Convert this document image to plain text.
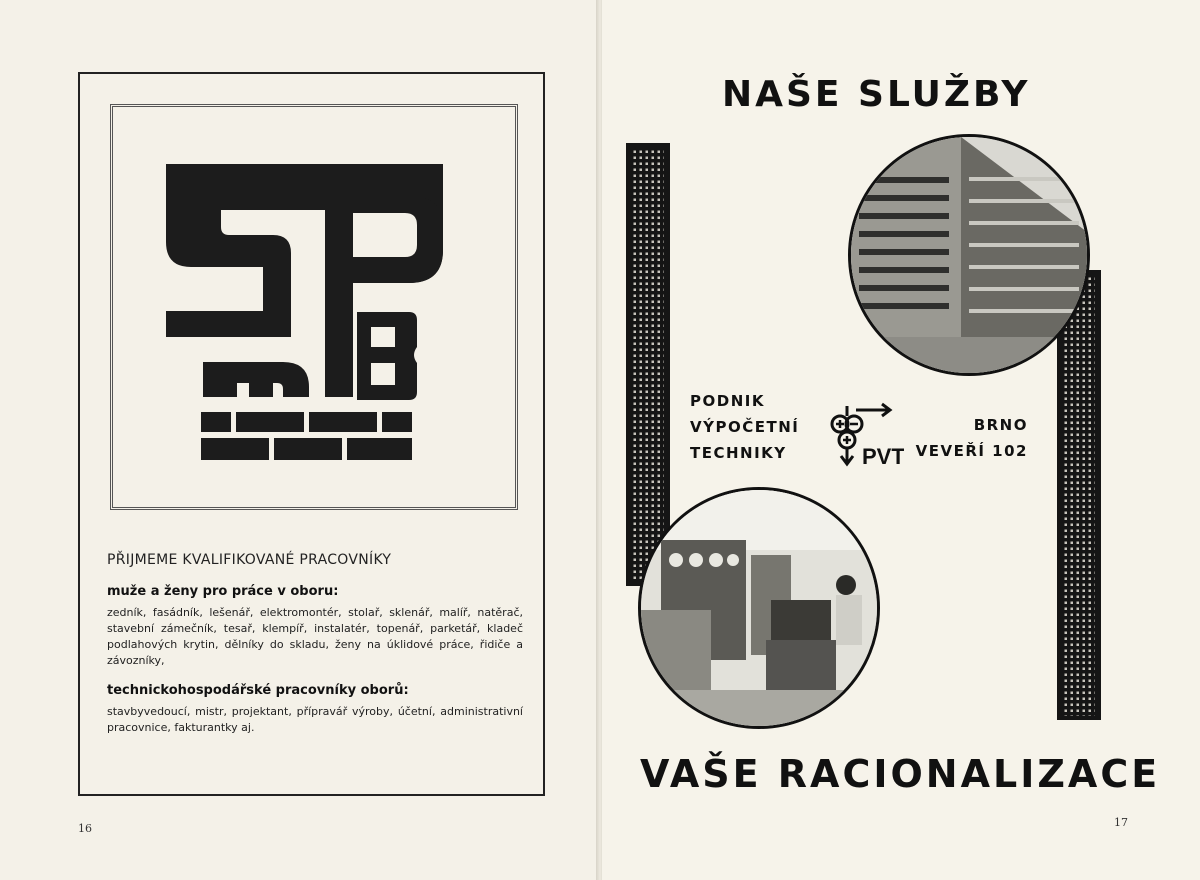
PŘIJMEME KVALIFIKOVANÉ PRACOVNÍKY

muže a ženy pro práce v oboru:

zedník, fasádník, lešenář, elektromontér, stolař, sklenář, malíř, natěrač, stavební zámečník, tesař, klempíř, instalatér, topenář, parketář, kladeč podlahových krytin, dělníky do skladu, ženy na úklidové práce, řidiče a závozníky,

technickohospodářské pracovníky oborů:

stavbyvedoucí, mistr, projektant, přípravář výroby, účetní, administrativní pracovnice, fakturantky aj.

16
NAŠE SLUŽBY
PODNIK
VÝPOČETNÍ
TECHNIKY	PVT
BRNO
VEVEŘÍ 102
VAŠE RACIONALIZACE
17
